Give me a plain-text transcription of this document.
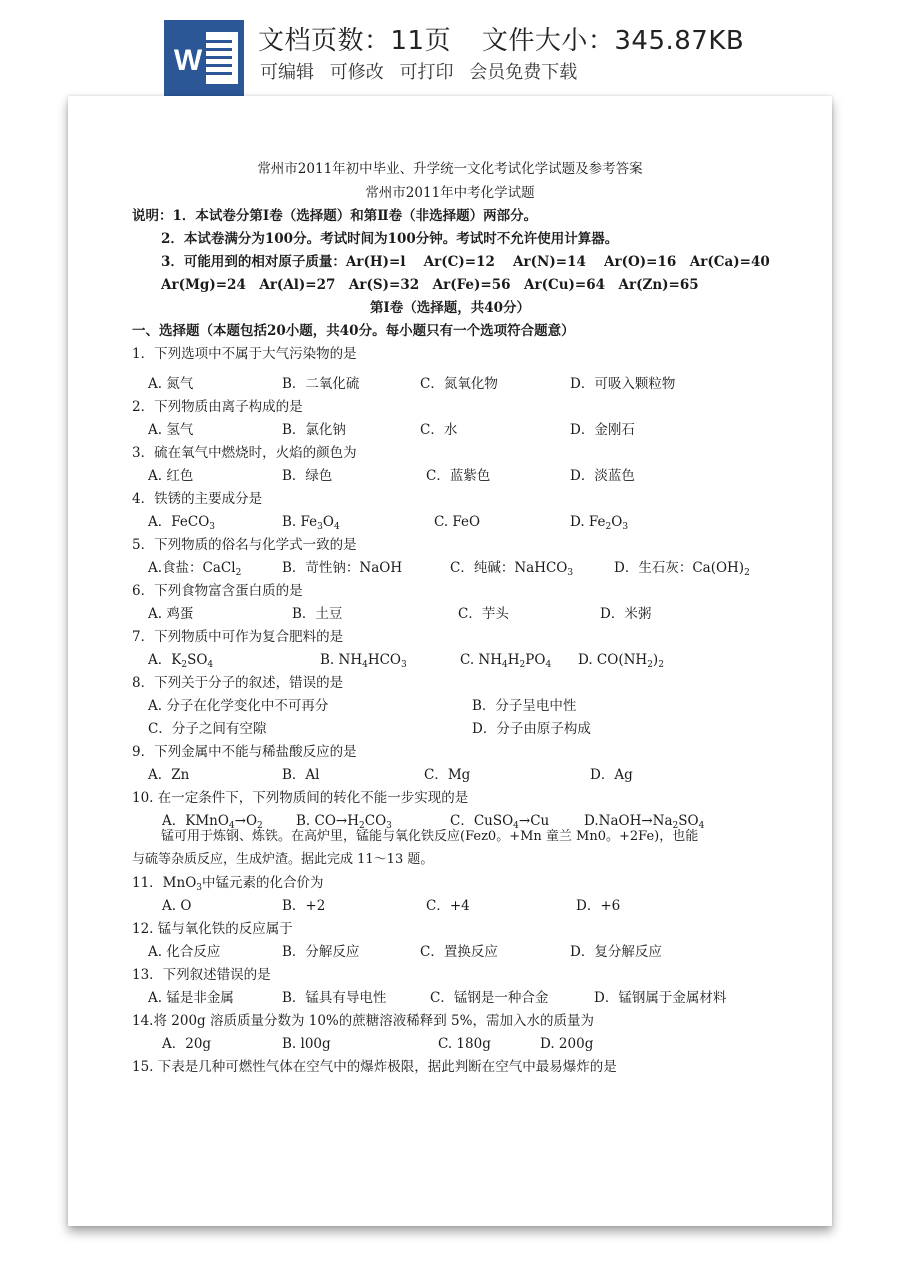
W
文档页数：11页 文件大小：345.87KB
可编辑 可修改 可打印 会员免费下载
常州市2011年初中毕业、升学统一文化考试化学试题及参考答案
常州市2011年中考化学试题
说明：1．本试卷分第Ⅰ卷（选择题）和第Ⅱ卷（非选择题）两部分。
2．本试卷满分为100分。考试时间为100分钟。考试时不允许使用计算器。
3．可能用到的相对原子质量：Ar(H)=l　 Ar(C)=12　 Ar(N)=14　 Ar(O)=16　Ar(Ca)=40
Ar(Mg)=24　Ar(Al)=27　Ar(S)=32　Ar(Fe)=56　Ar(Cu)=64　Ar(Zn)=65
第Ⅰ卷（选择题，共40分）
一、选择题（本题包括20小题，共40分。每小题只有一个选项符合题意）
1．下列选项中不属于大气污染物的是
A. 氮气	B．二氧化硫	C．氮氧化物	D．可吸入颗粒物
2．下列物质由离子构成的是
A. 氢气	B．氯化钠	C．水	D．金刚石
3．硫在氧气中燃烧时，火焰的颜色为
A. 红色	B．绿色	C．蓝紫色	D．淡蓝色
4．铁锈的主要成分是
A．FeCO$_3$	B. $Fe_3O_4$	C. FeO	D. $Fe_2O_3$
5．下列物质的俗名与化学式一致的是
A.食盐：CaCl$_2$	B．苛性钠：NaOH	C．纯碱：NaHCO$_3$	D．生石灰：$Ca(OH)_2$
6．下列食物富含蛋白质的是
A. 鸡蛋	B．土豆	C．芋头	D．米粥
7．下列物质中可作为复合肥料的是
A．$K_2SO_4$	B. $NH_4HCO_3$	C. $NH_4H_2PO_4$ D. $CO(NH_2)_2$
8．下列关于分子的叙述，错误的是
A. 分子在化学变化中不可再分	B．分子呈电中性
C．分子之间有空隙	D．分子由原子构成
9．下列金属中不能与稀盐酸反应的是
A．Zn	B．Al	C．Mg	D．Ag
10. 在一定条件下，下列物质间的转化不能一步实现的是
A．$KMnO_4\to O_2$ B. $CO\to H_2CO_3$	C．CuSO$_4$→Cu	$D.NaOH\to Na_2SO_4$
锰可用于炼钢、炼铁。在高炉里，锰能与氧化铁反应(Fez0。+Mn 童兰 Mn0。+2Fe)，也能
与硫等杂质反应，生成炉渣。据此完成 11～13 题。
11．MnO$_3$中锰元素的化合价为
A. O	B．+2	C．+4	D．+6
12. 锰与氧化铁的反应属于
A. 化合反应	B．分解反应	C．置换反应	D．复分解反应
13．下列叙述错误的是
A. 锰是非金属	B．锰具有导电性	C．锰钢是一种合金	D．锰钢属于金属材料
14.将 200g 溶质质量分数为 10%的蔗糖溶液稀释到 5%，需加入水的质量为
A．20g	B. l00g	C. 180g	D. 200g
15. 下表是几种可燃性气体在空气中的爆炸极限，据此判断在空气中最易爆炸的是
